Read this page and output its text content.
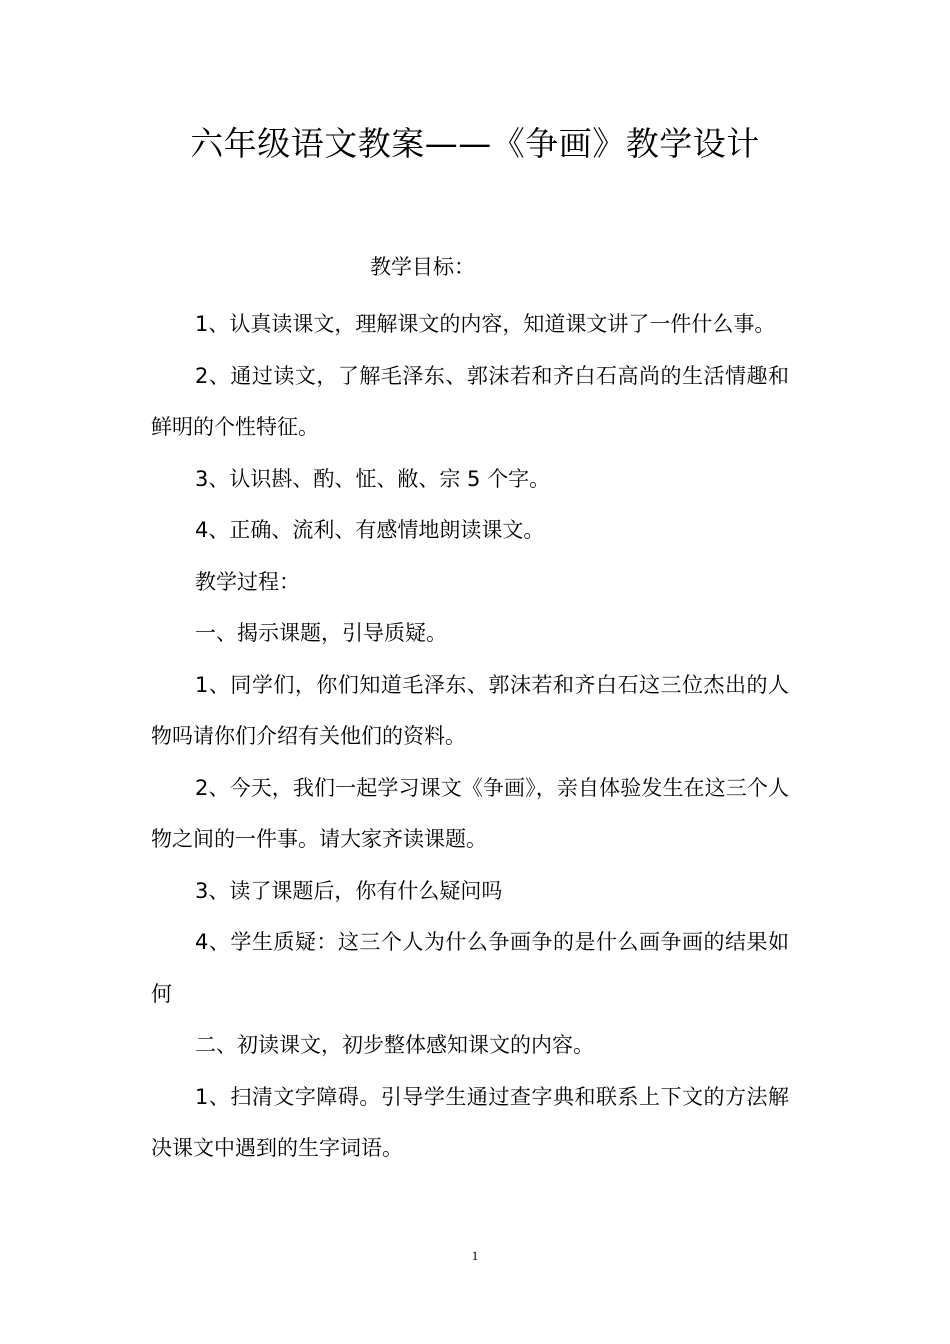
六年级语文教案——《争画》教学设计
教学目标：

1、认真读课文，理解课文的内容，知道课文讲了一件什么事。

2、通过读文，了解毛泽东、郭沫若和齐白石高尚的生活情趣和鲜明的个性特征。

3、认识斟、酌、怔、敝、宗 5 个字。

4、正确、流利、有感情地朗读课文。

教学过程：

一、揭示课题，引导质疑。

1、同学们，你们知道毛泽东、郭沫若和齐白石这三位杰出的人物吗请你们介绍有关他们的资料。

2、今天，我们一起学习课文《争画》，亲自体验发生在这三个人物之间的一件事。请大家齐读课题。

3、读了课题后，你有什么疑问吗

4、学生质疑：这三个人为什么争画争的是什么画争画的结果如何

二、初读课文，初步整体感知课文的内容。

1、扫清文字障碍。引导学生通过查字典和联系上下文的方法解决课文中遇到的生字词语。

1
